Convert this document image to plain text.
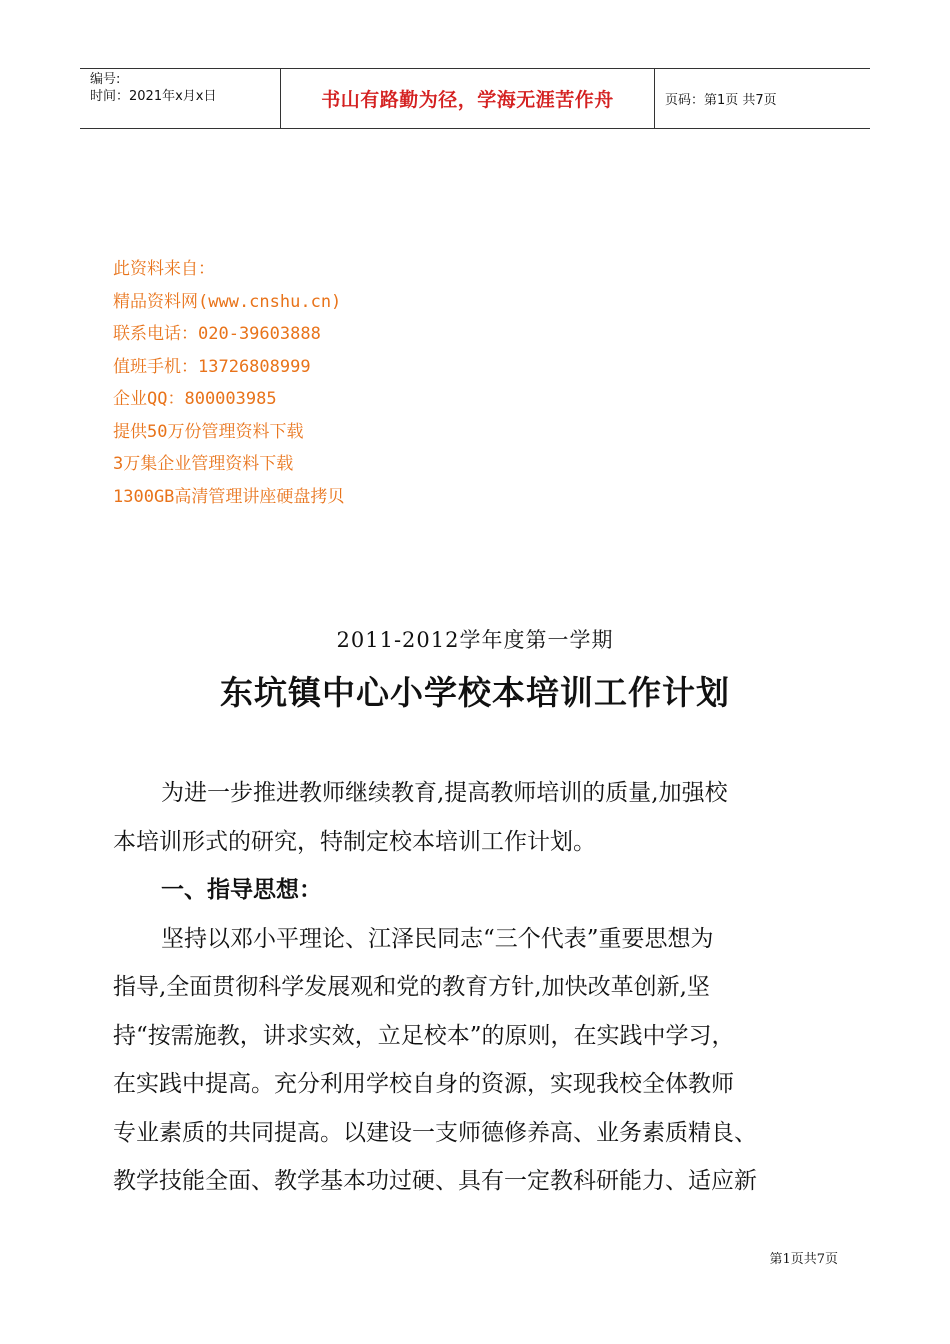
编号:
时间：2021年x月x日	书山有路勤为径，学海无涯苦作舟	页码：第1页 共7页
此资料来自：
精品资料网(www.cnshu.cn)
联系电话：020-39603888
值班手机：13726808999
企业QQ：800003985
提供50万份管理资料下载
3万集企业管理资料下载
1300GB高清管理讲座硬盘拷贝
2011-2012学年度第一学期
东坑镇中心小学校本培训工作计划
为进一步推进教师继续教育,提高教师培训的质量,加强校
本培训形式的研究，特制定校本培训工作计划。
一、指导思想：
坚持以邓小平理论、江泽民同志“三个代表”重要思想为
指导,全面贯彻科学发展观和党的教育方针,加快改革创新,坚
持“按需施教，讲求实效，立足校本”的原则，在实践中学习，
在实践中提高。充分利用学校自身的资源，实现我校全体教师
专业素质的共同提高。以建设一支师德修养高、业务素质精良、
教学技能全面、教学基本功过硬、具有一定教科研能力、适应新
第1页共7页
